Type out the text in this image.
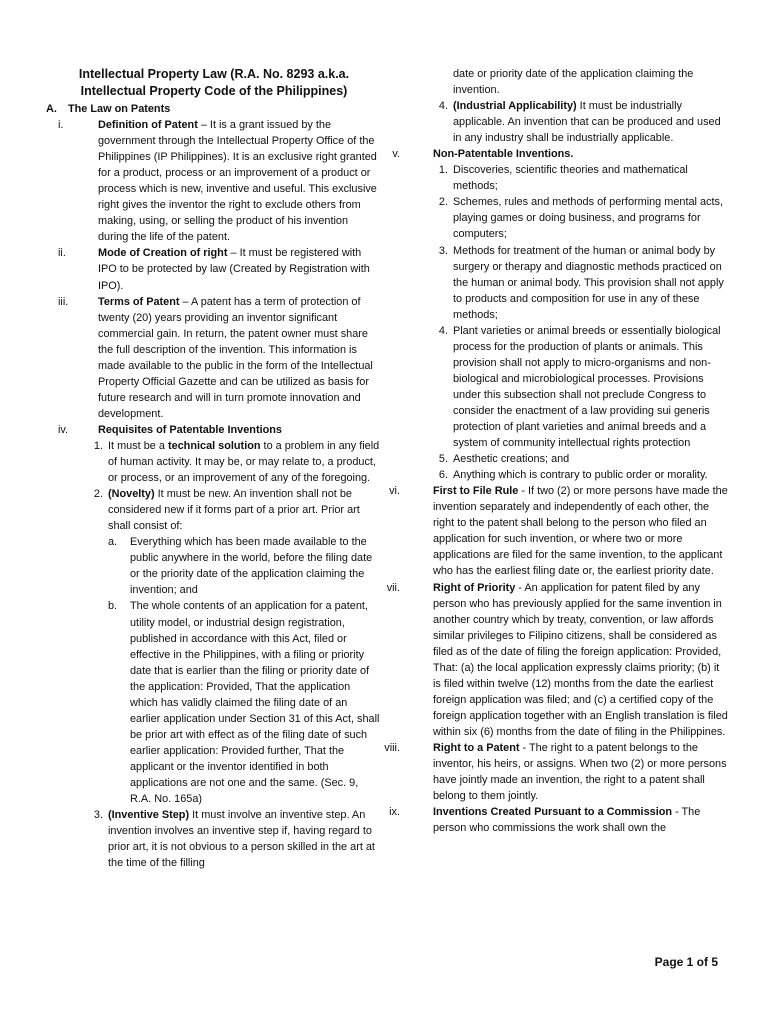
Intellectual Property Law (R.A. No. 8293 a.k.a.
Intellectual Property Code of the Philippines)
A.	The Law on Patents
i.	Definition of Patent – It is a grant issued by the government through the Intellectual Property Office of the Philippines (IP Philippines). It is an exclusive right granted for a product, process or an improvement of a product or process which is new, inventive and useful. This exclusive right gives the inventor the right to exclude others from making, using, or selling the product of his invention during the life of the patent.
ii.	Mode of Creation of right – It must be registered with IPO to be protected by law (Created by Registration with IPO).
iii.	Terms of Patent – A patent has a term of protection of twenty (20) years providing an inventor significant commercial gain. In return, the patent owner must share the full description of the invention. This information is made available to the public in the form of the Intellectual Property Official Gazette and can be utilized as basis for future research and will in turn promote innovation and development.
iv.	Requisites of Patentable Inventions
1. It must be a technical solution to a problem in any field of human activity. It may be, or may relate to, a product, or process, or an improvement of any of the foregoing.
2. (Novelty) It must be new. An invention shall not be considered new if it forms part of a prior art. Prior art shall consist of:
a.	Everything which has been made available to the public anywhere in the world, before the filing date or the priority date of the application claiming the invention; and
b.	The whole contents of an application for a patent, utility model, or industrial design registration, published in accordance with this Act, filed or effective in the Philippines, with a filing or priority date that is earlier than the filing or priority date of the application: Provided, That the application which has validly claimed the filing date of an earlier application under Section 31 of this Act, shall be prior art with effect as of the filing date of such earlier application: Provided further, That the applicant or the inventor identified in both applications are not one and the same. (Sec. 9, R.A. No. 165a)
3. (Inventive Step) It must involve an inventive step. An invention involves an inventive step if, having regard to prior art, it is not obvious to a person skilled in the art at the time of the filling
date or priority date of the application claiming the invention.
4. (Industrial Applicability) It must be industrially applicable. An invention that can be produced and used in any industry shall be industrially applicable.
v.	Non-Patentable Inventions.
1. Discoveries, scientific theories and mathematical methods;
2. Schemes, rules and methods of performing mental acts, playing games or doing business, and programs for computers;
3. Methods for treatment of the human or animal body by surgery or therapy and diagnostic methods practiced on the human or animal body. This provision shall not apply to products and composition for use in any of these methods;
4. Plant varieties or animal breeds or essentially biological process for the production of plants or animals. This provision shall not apply to micro-organisms and non-biological and microbiological processes. Provisions under this subsection shall not preclude Congress to consider the enactment of a law providing sui generis protection of plant varieties and animal breeds and a system of community intellectual rights protection
5. Aesthetic creations; and
6. Anything which is contrary to public order or morality.
vi.	First to File Rule - If two (2) or more persons have made the invention separately and independently of each other, the right to the patent shall belong to the person who filed an application for such invention, or where two or more applications are filed for the same invention, to the applicant who has the earliest filing date or, the earliest priority date.
vii.	Right of Priority - An application for patent filed by any person who has previously applied for the same invention in another country which by treaty, convention, or law affords similar privileges to Filipino citizens, shall be considered as filed as of the date of filing the foreign application: Provided, That: (a) the local application expressly claims priority; (b) it is filed within twelve (12) months from the date the earliest foreign application was filed; and (c) a certified copy of the foreign application together with an English translation is filed within six (6) months from the date of filing in the Philippines.
viii.	Right to a Patent - The right to a patent belongs to the inventor, his heirs, or assigns. When two (2) or more persons have jointly made an invention, the right to a patent shall belong to them jointly.
ix.	Inventions Created Pursuant to a Commission - The person who commissions the work shall own the
Page 1 of 5
